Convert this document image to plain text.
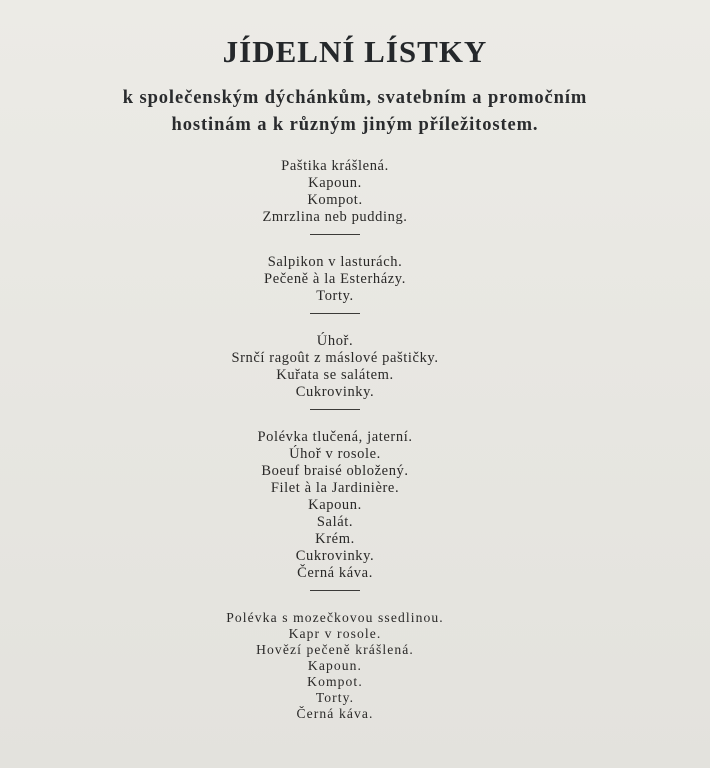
JÍDELNÍ LÍSTKY
k společenským dýchánkům, svatebním a promočním
hostinám a k různým jiným příležitostem.
Paštika krášlená.
Kapoun.
Kompot.
Zmrzlina neb pudding.
Salpikon v lasturách.
Pečeně à la Esterházy.
Torty.
Úhoř.
Srnčí ragoût z máslové paštičky.
Kuřata se salátem.
Cukrovinky.
Polévka tlučená, jaterní.
Úhoř v rosole.
Boeuf braisé obložený.
Filet à la Jardinière.
Kapoun.
Salát.
Krém.
Cukrovinky.
Černá káva.
Polévka s mozečkovou ssedlinou.
Kapr v rosole.
Hovězí pečeně krášlená.
Kapoun.
Kompot.
Torty.
Černá káva.
